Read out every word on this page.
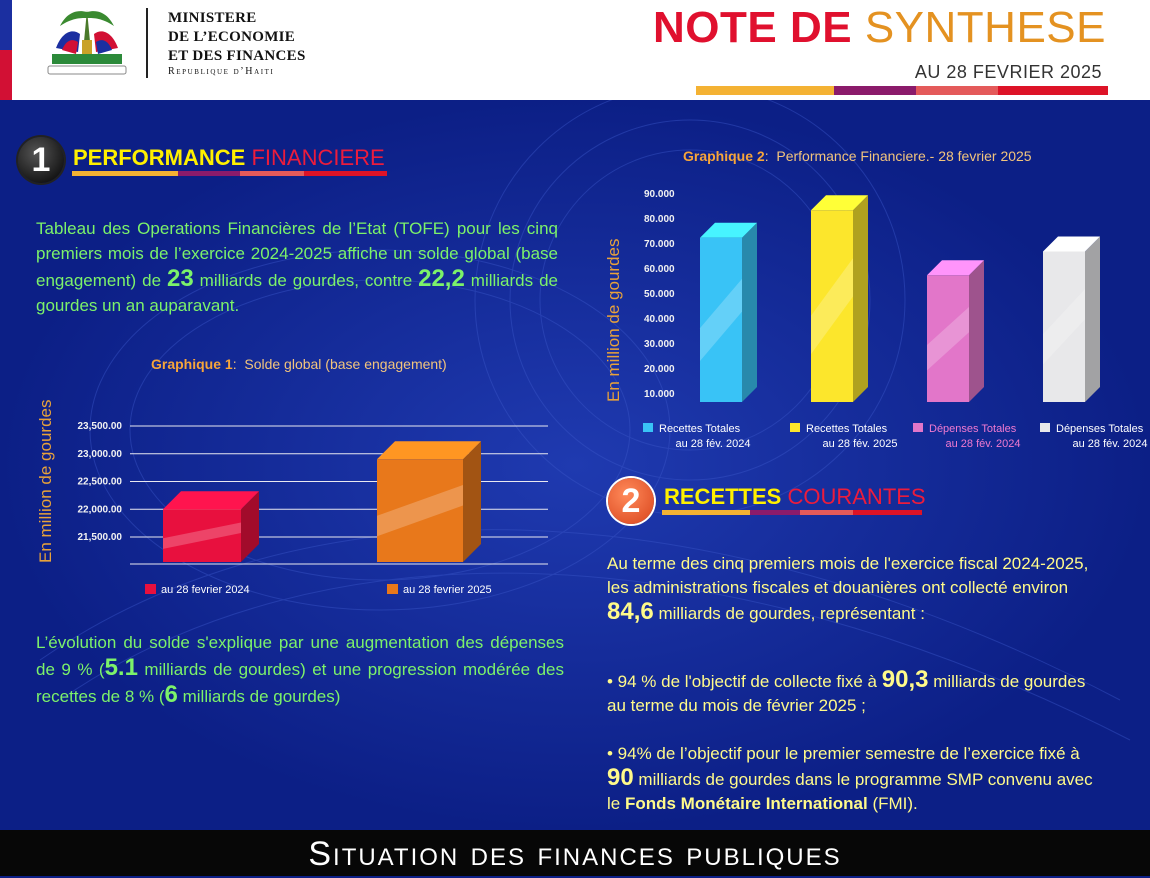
MINISTERE
DE L’ECONOMIE
ET DES FINANCES
Republique d’Haiti
NOTE DE SYNTHESE
AU 28 FEVRIER 2025
1	PERFORMANCE FINANCIERE
Tableau des Operations Financières de l’Etat (TOFE) pour les cinq premiers mois de l’exercice 2024-2025 affiche un solde global (base engagement) de 23 milliards de gourdes, contre 22,2 milliards de gourdes un an auparavant.
Graphique 1:  Solde global (base engagement)
En million de gourdes 23,500.00
23,000.00
22,500.00
22,000.00
21,500.00
au 28 fevrier 2024	au 28 fevrier 2025
L’évolution du solde s'explique par une augmentation des dépenses de 9 % (5.1 milliards de gourdes) et une progression modérée des recettes de 8 % (6 milliards de gourdes)
Graphique 2:  Performance Financiere.- 28 fevrier 2025
En million de gourdes
90.000
80.000
70.000
60.000
50.000
40.000
30.000
20.000
10.000
Recettes Totales
au 28 fév. 2024
Recettes Totales
au 28 fév. 2025
Dépenses Totales
au 28 fév. 2024
Dépenses Totales
au 28 fév. 2024
2	RECETTES COURANTES
Au terme des cinq premiers mois de l'exercice fiscal 2024-2025, les administrations fiscales et douanières ont collecté environ 84,6 milliards de gourdes, représentant :
• 94 % de l'objectif de collecte fixé à 90,3 milliards de gourdes au terme du mois de février 2025 ;
• 94% de l’objectif pour le premier semestre de l’exercice fixé à 90 milliards de gourdes dans le programme SMP convenu avec le Fonds Monétaire International (FMI).
Situation des finances publiques
